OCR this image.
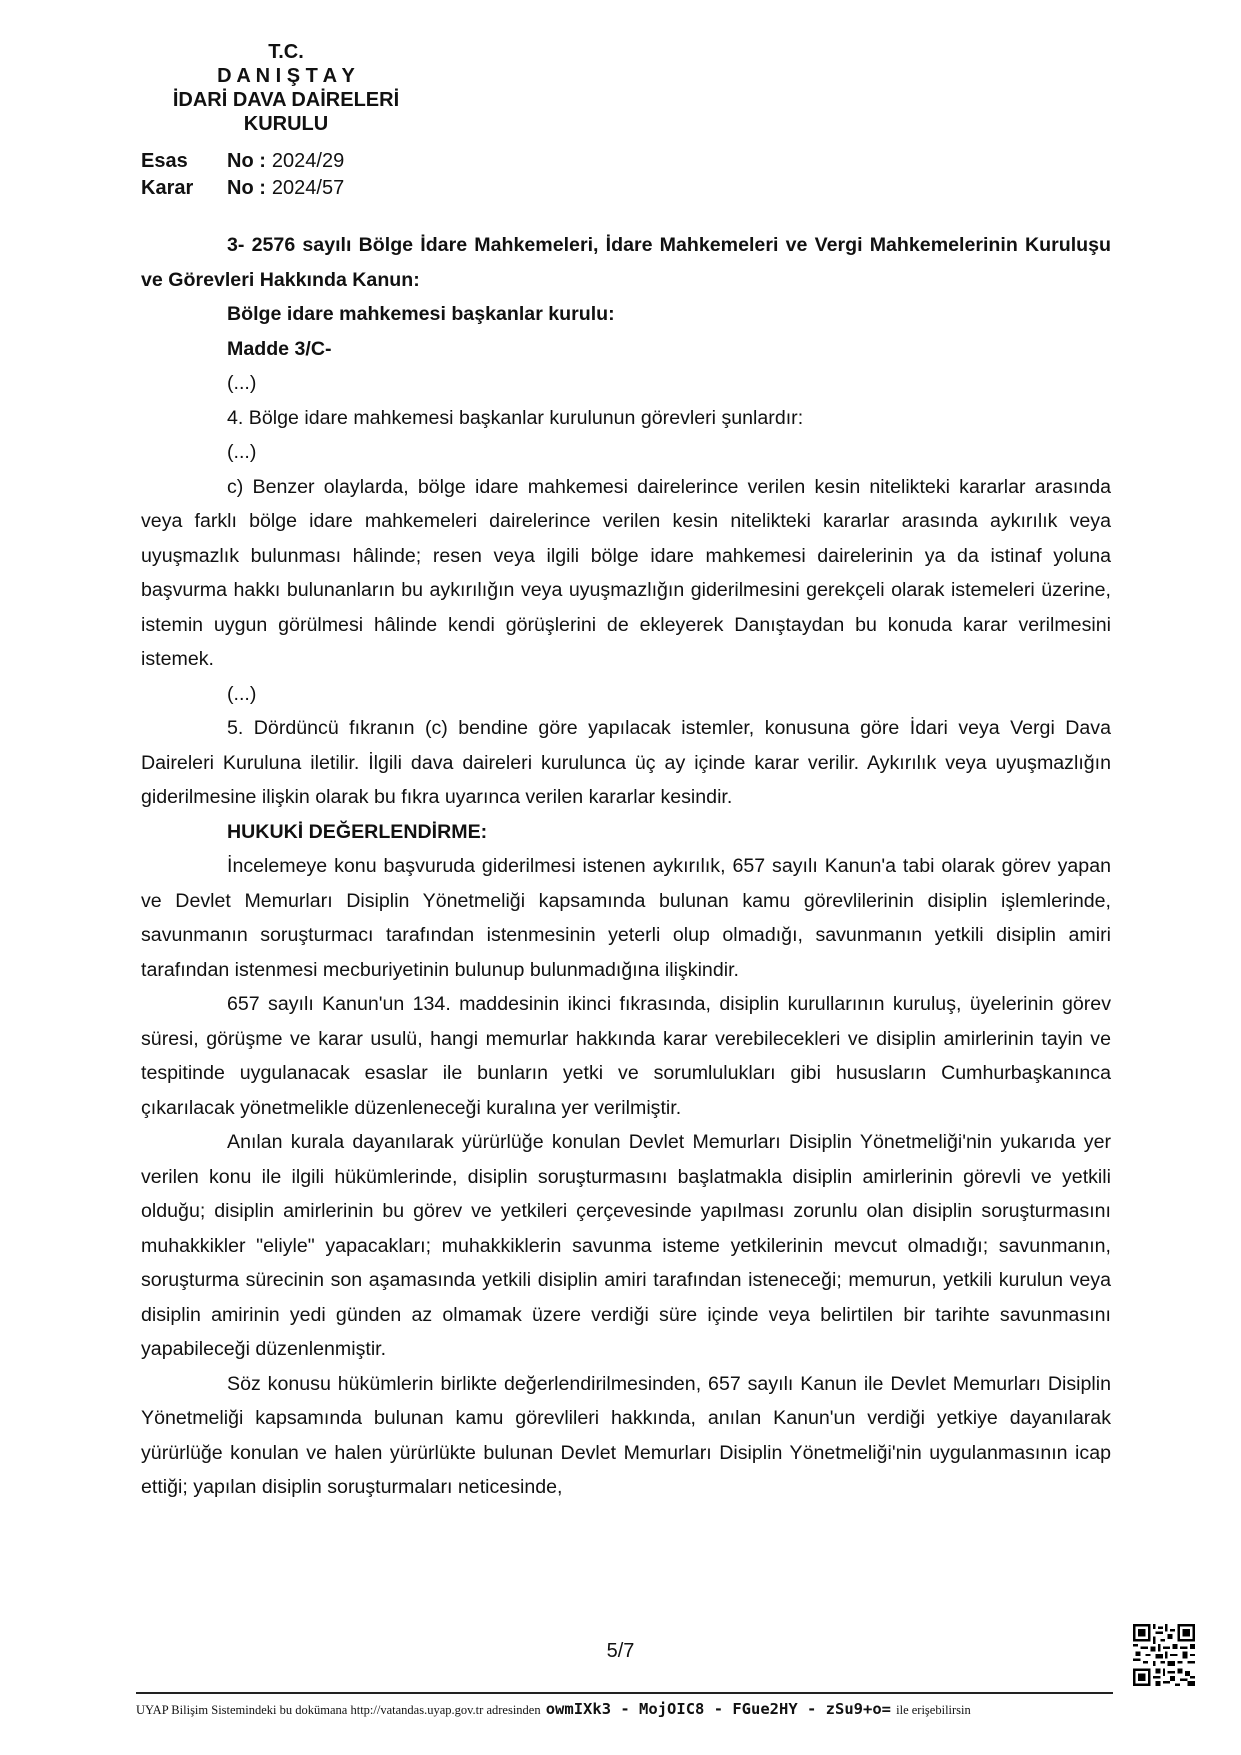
T.C.
D A N I Ş T A Y
İDARİ DAVA DAİRELERİ
KURULU
Esas	No : 2024/29
Karar	No : 2024/57

3- 2576 sayılı Bölge İdare Mahkemeleri, İdare Mahkemeleri ve Vergi Mahkemelerinin Kuruluşu ve Görevleri Hakkında Kanun:

Bölge idare mahkemesi başkanlar kurulu:

Madde 3/C-

(...)

4. Bölge idare mahkemesi başkanlar kurulunun görevleri şunlardır:

(...)

c) Benzer olaylarda, bölge idare mahkemesi dairelerince verilen kesin nitelikteki kararlar arasında veya farklı bölge idare mahkemeleri dairelerince verilen kesin nitelikteki kararlar arasında aykırılık veya uyuşmazlık bulunması hâlinde; resen veya ilgili bölge idare mahkemesi dairelerinin ya da istinaf yoluna başvurma hakkı bulunanların bu aykırılığın veya uyuşmazlığın giderilmesini gerekçeli olarak istemeleri üzerine, istemin uygun görülmesi hâlinde kendi görüşlerini de ekleyerek Danıştaydan bu konuda karar verilmesini istemek.

(...)

5. Dördüncü fıkranın (c) bendine göre yapılacak istemler, konusuna göre İdari veya Vergi Dava Daireleri Kuruluna iletilir. İlgili dava daireleri kurulunca üç ay içinde karar verilir. Aykırılık veya uyuşmazlığın giderilmesine ilişkin olarak bu fıkra uyarınca verilen kararlar kesindir.

HUKUKİ DEĞERLENDİRME:

İncelemeye konu başvuruda giderilmesi istenen aykırılık, 657 sayılı Kanun'a tabi olarak görev yapan ve Devlet Memurları Disiplin Yönetmeliği kapsamında bulunan kamu görevlilerinin disiplin işlemlerinde, savunmanın soruşturmacı tarafından istenmesinin yeterli olup olmadığı, savunmanın yetkili disiplin amiri tarafından istenmesi mecburiyetinin bulunup bulunmadığına ilişkindir.

657 sayılı Kanun'un 134. maddesinin ikinci fıkrasında, disiplin kurullarının kuruluş, üyelerinin görev süresi, görüşme ve karar usulü, hangi memurlar hakkında karar verebilecekleri ve disiplin amirlerinin tayin ve tespitinde uygulanacak esaslar ile bunların yetki ve sorumlulukları gibi hususların Cumhurbaşkanınca çıkarılacak yönetmelikle düzenleneceği kuralına yer verilmiştir.

Anılan kurala dayanılarak yürürlüğe konulan Devlet Memurları Disiplin Yönetmeliği'nin yukarıda yer verilen konu ile ilgili hükümlerinde, disiplin soruşturmasını başlatmakla disiplin amirlerinin görevli ve yetkili olduğu; disiplin amirlerinin bu görev ve yetkileri çerçevesinde yapılması zorunlu olan disiplin soruşturmasını muhakkikler "eliyle" yapacakları; muhakkiklerin savunma isteme yetkilerinin mevcut olmadığı; savunmanın, soruşturma sürecinin son aşamasında yetkili disiplin amiri tarafından isteneceği; memurun, yetkili kurulun veya disiplin amirinin yedi günden az olmamak üzere verdiği süre içinde veya belirtilen bir tarihte savunmasını yapabileceği düzenlenmiştir.

Söz konusu hükümlerin birlikte değerlendirilmesinden, 657 sayılı Kanun ile Devlet Memurları Disiplin Yönetmeliği kapsamında bulunan kamu görevlileri hakkında, anılan Kanun'un verdiği yetkiye dayanılarak yürürlüğe konulan ve halen yürürlükte bulunan Devlet Memurları Disiplin Yönetmeliği'nin uygulanmasının icap ettiği; yapılan disiplin soruşturmaları neticesinde,

5/7
UYAP Bilişim Sistemindeki bu dokümana http://vatandas.uyap.gov.tr adresinden owmIXk3 - MojOIC8 - FGue2HY - zSu9+o= ile erişebilirsin
